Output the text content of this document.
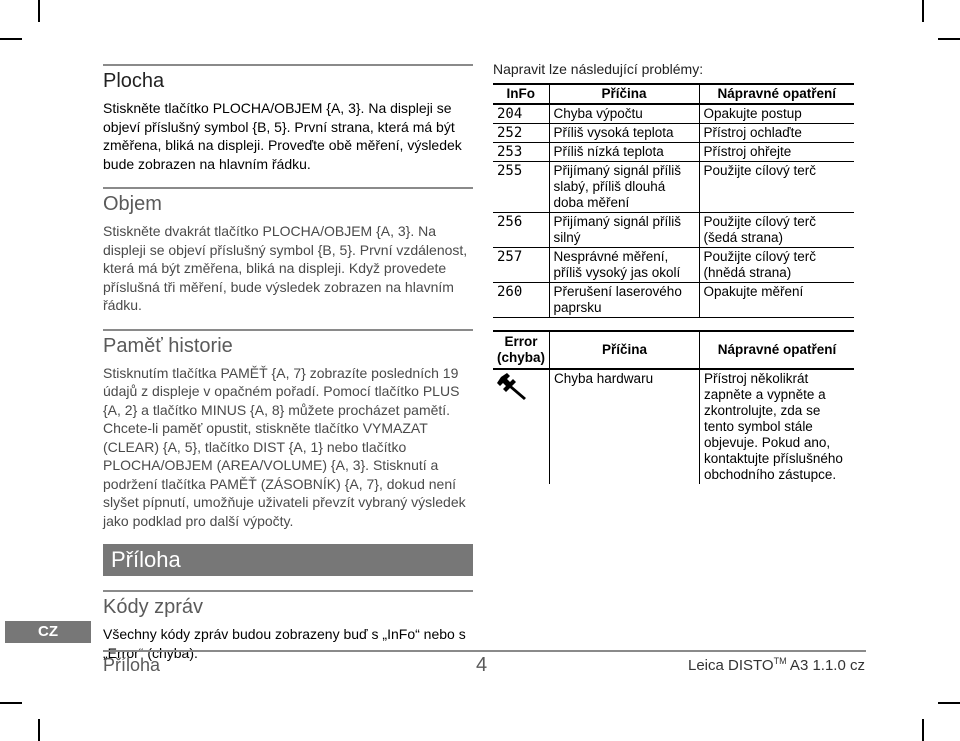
Plocha
Stiskněte tlačítko PLOCHA/OBJEM {A, 3}. Na displeji se objeví příslušný symbol {B, 5}. První strana, která má být změřena, bliká na displeji. Proveďte obě měření, výsledek bude zobrazen na hlavním řádku.
Objem
Stiskněte dvakrát tlačítko PLOCHA/OBJEM {A, 3}. Na displeji se objeví příslušný symbol {B, 5}. První vzdálenost, která má být změřena, bliká na displeji. Když provedete příslušná tři měření, bude výsledek zobrazen na hlavním řádku.
Paměť historie
Stisknutím tlačítka PAMĚŤ {A, 7} zobrazíte posledních 19 údajů z displeje v opačném pořadí. Pomocí tlačítko PLUS {A, 2} a tlačítko MINUS {A, 8} můžete procházet pamětí.
Chcete-li paměť opustit, stiskněte tlačítko VYMAZAT (CLEAR) {A, 5}, tlačítko DIST {A, 1} nebo tlačítko PLOCHA/OBJEM (AREA/VOLUME) {A, 3}. Stisknutí a podržení tlačítka PAMĚŤ (ZÁSOBNÍK) {A, 7}, dokud není slyšet pípnutí, umožňuje uživateli převzít vybraný výsledek jako podklad pro další výpočty.
Příloha
Kódy zpráv
Všechny kódy zpráv budou zobrazeny buď s „InFo“ nebo s „Error“ (chyba).

Napravit lze následující problémy:

InFo	Příčina	Nápravné opatření
204	Chyba výpočtu	Opakujte postup
252	Příliš vysoká teplota	Přístroj ochlaďte
253	Příliš nízká teplota	Přístroj ohřejte
255	Přijímaný signál příliš slabý, příliš dlouhá doba měření	Použijte cílový terč
256	Přijímaný signál příliš silný	Použijte cílový terč (šedá strana)
257	Nesprávné měření, příliš vysoký jas okolí	Použijte cílový terč (hnědá strana)
260	Přerušení laserového paprsku	Opakujte měření
Error (chyba)	Příčina	Nápravné opatření
	Chyba hardwaru	Přístroj několikrát zapněte a vypněte a zkontrolujte, zda se tento symbol stále objevuje. Pokud ano, kontaktujte příslušného obchodního zástupce.
CZ
Příloha	4	Leica DISTO™ A3 1.1.0 cz
